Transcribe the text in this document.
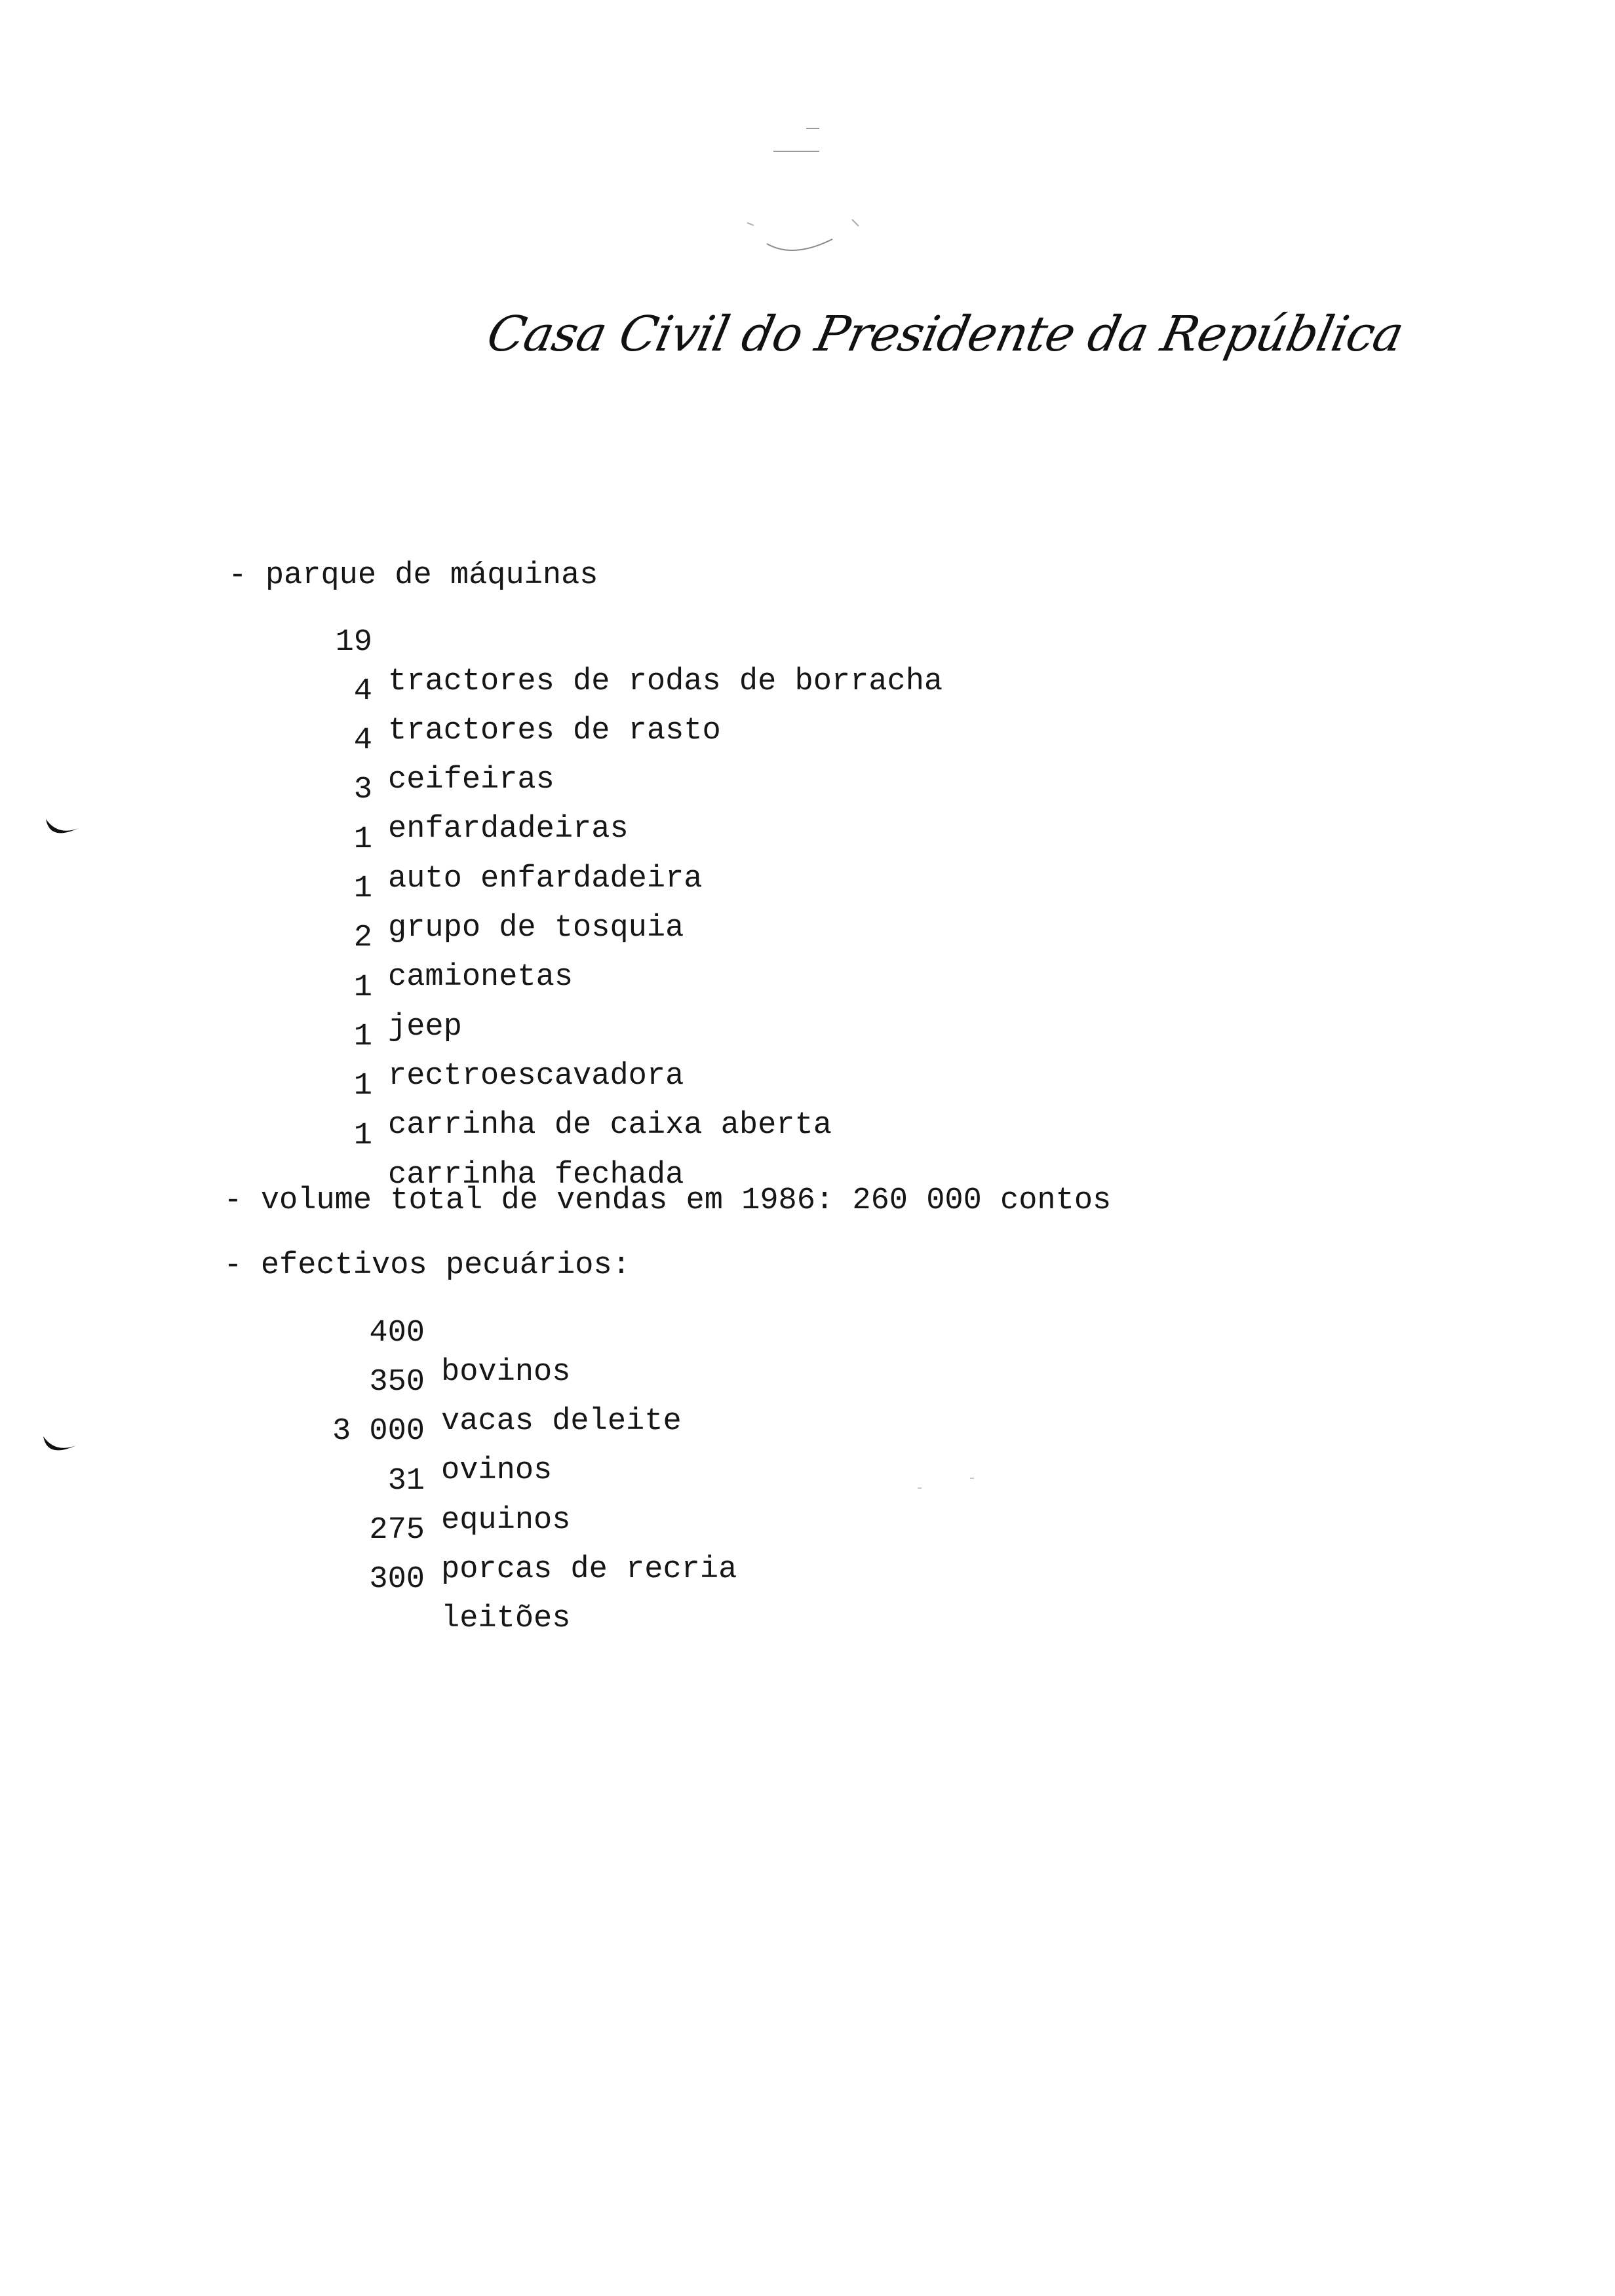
Casa Civil do Presidente da República

- parque de máquinas

19

tractores de rodas de borracha

4

tractores de rasto

4

ceifeiras

3

enfardadeiras

1

auto enfardadeira

1

grupo de tosquia

2

camionetas

1

jeep

1

rectroescavadora

1

carrinha de caixa aberta

1

carrinha fechada

- volume total de vendas em 1986: 260 000 contos

- efectivos pecuários:

400

bovinos

350

vacas deleite

3 000

ovinos

31

equinos

275

porcas de recria

300

leitões
